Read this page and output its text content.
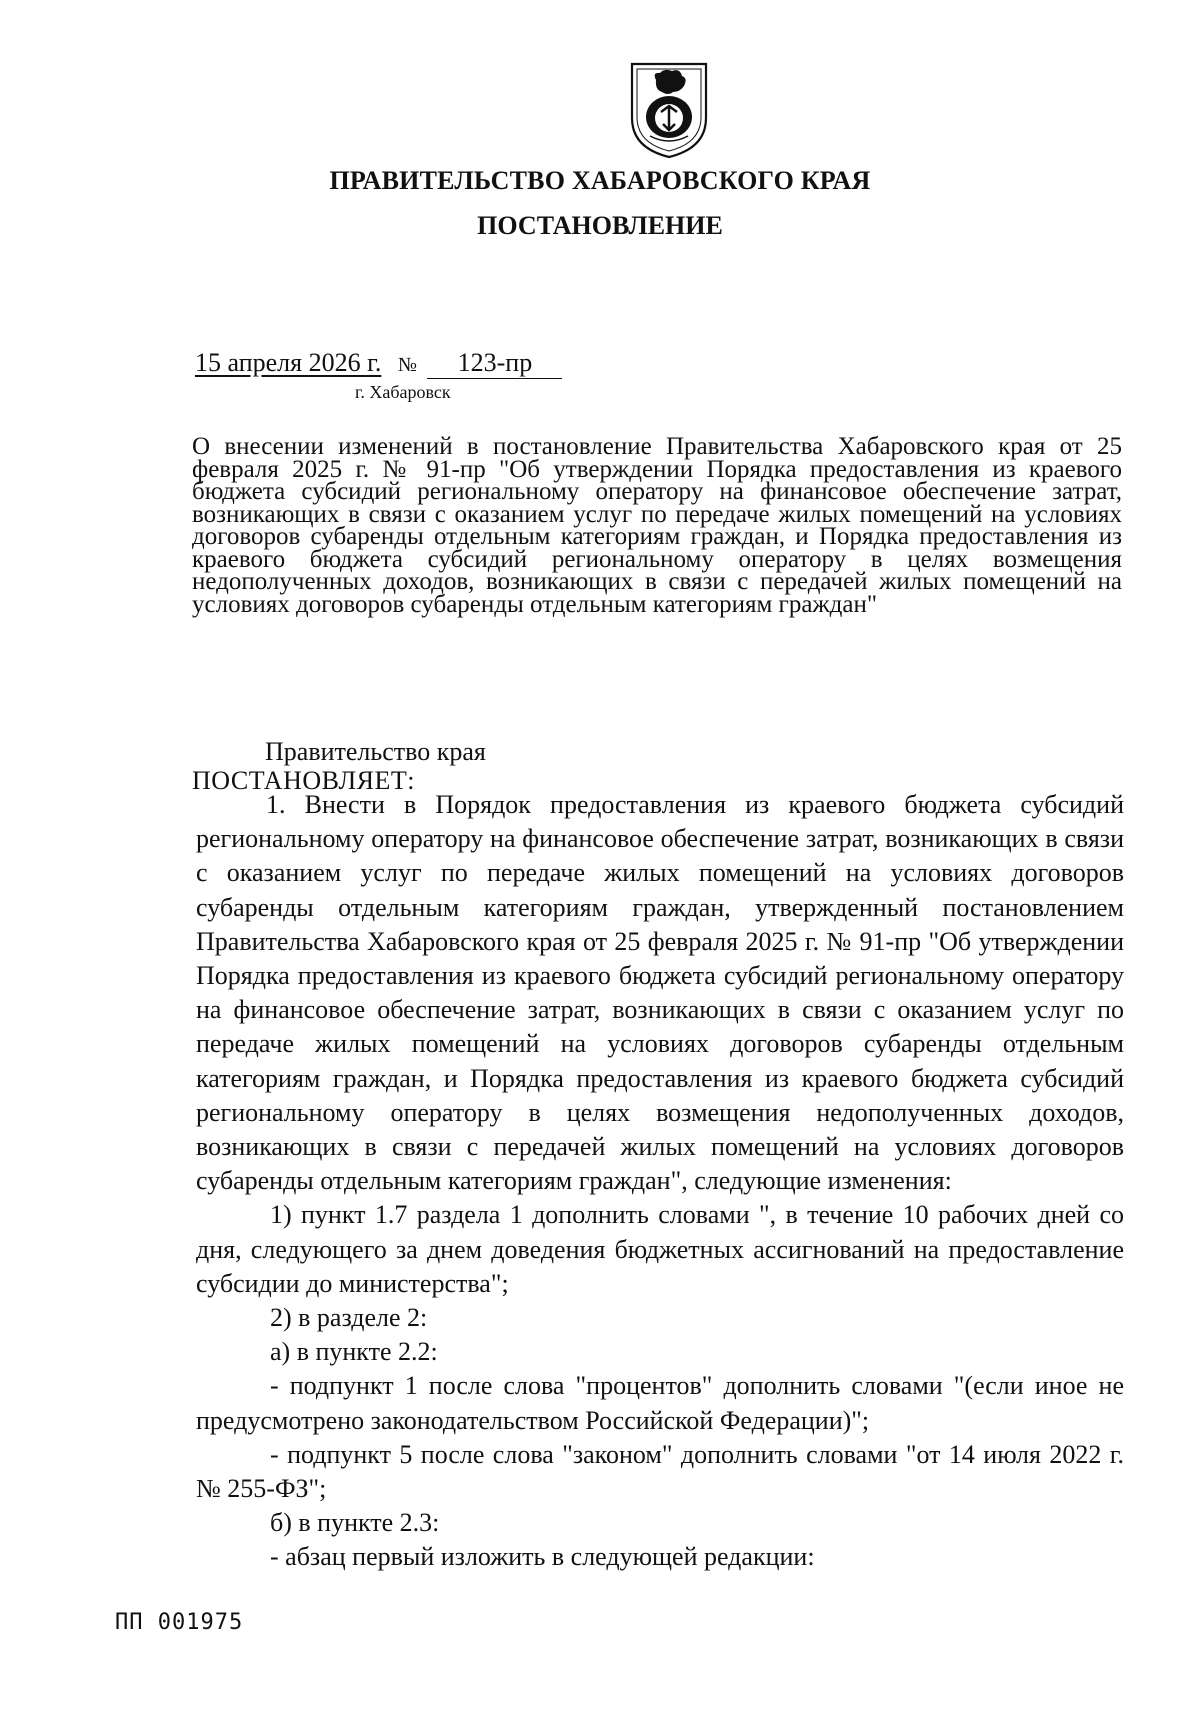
ПРАВИТЕЛЬСТВО ХАБАРОВСКОГО КРАЯ
ПОСТАНОВЛЕНИЕ
15 апреля 2026 г. № 123-пр
г. Хабаровск
О внесении изменений в постановление Правительства Хабаровского края от 25 февраля 2025 г. № 91-пр "Об утверждении Порядка предоставления из краевого бюджета субсидий региональному оператору на финансовое обеспечение затрат, возникающих в связи с оказанием услуг по передаче жилых помещений на условиях договоров субаренды отдельным категориям граждан, и Порядка предоставления из краевого бюджета субсидий региональному оператору в целях возмещения недополученных доходов, возникающих в связи с передачей жилых помещений на условиях договоров субаренды отдельным категориям граждан"
Правительство края
ПОСТАНОВЛЯЕТ:

1. Внести в Порядок предоставления из краевого бюджета субсидий региональному оператору на финансовое обеспечение затрат, возникающих в связи с оказанием услуг по передаче жилых помещений на условиях договоров субаренды отдельным категориям граждан, утвержденный постановлением Правительства Хабаровского края от 25 февраля 2025 г. № 91-пр "Об утверждении Порядка предоставления из краевого бюджета субсидий региональному оператору на финансовое обеспечение затрат, возникающих в связи с оказанием услуг по передаче жилых помещений на условиях договоров субаренды отдельным категориям граждан, и Порядка предоставления из краевого бюджета субсидий региональному оператору в целях возмещения недополученных доходов, возникающих в связи с передачей жилых помещений на условиях договоров субаренды отдельным категориям граждан", следующие изменения:

1) пункт 1.7 раздела 1 дополнить словами ", в течение 10 рабочих дней со дня, следующего за днем доведения бюджетных ассигнований на предоставление субсидии до министерства";

2) в разделе 2:

а) в пункте 2.2:

- подпункт 1 после слова "процентов" дополнить словами "(если иное не предусмотрено законодательством Российской Федерации)";

- подпункт 5 после слова "законом" дополнить словами "от 14 июля 2022 г. № 255-ФЗ";

б) в пункте 2.3:

- абзац первый изложить в следующей редакции:

ПП 001975
